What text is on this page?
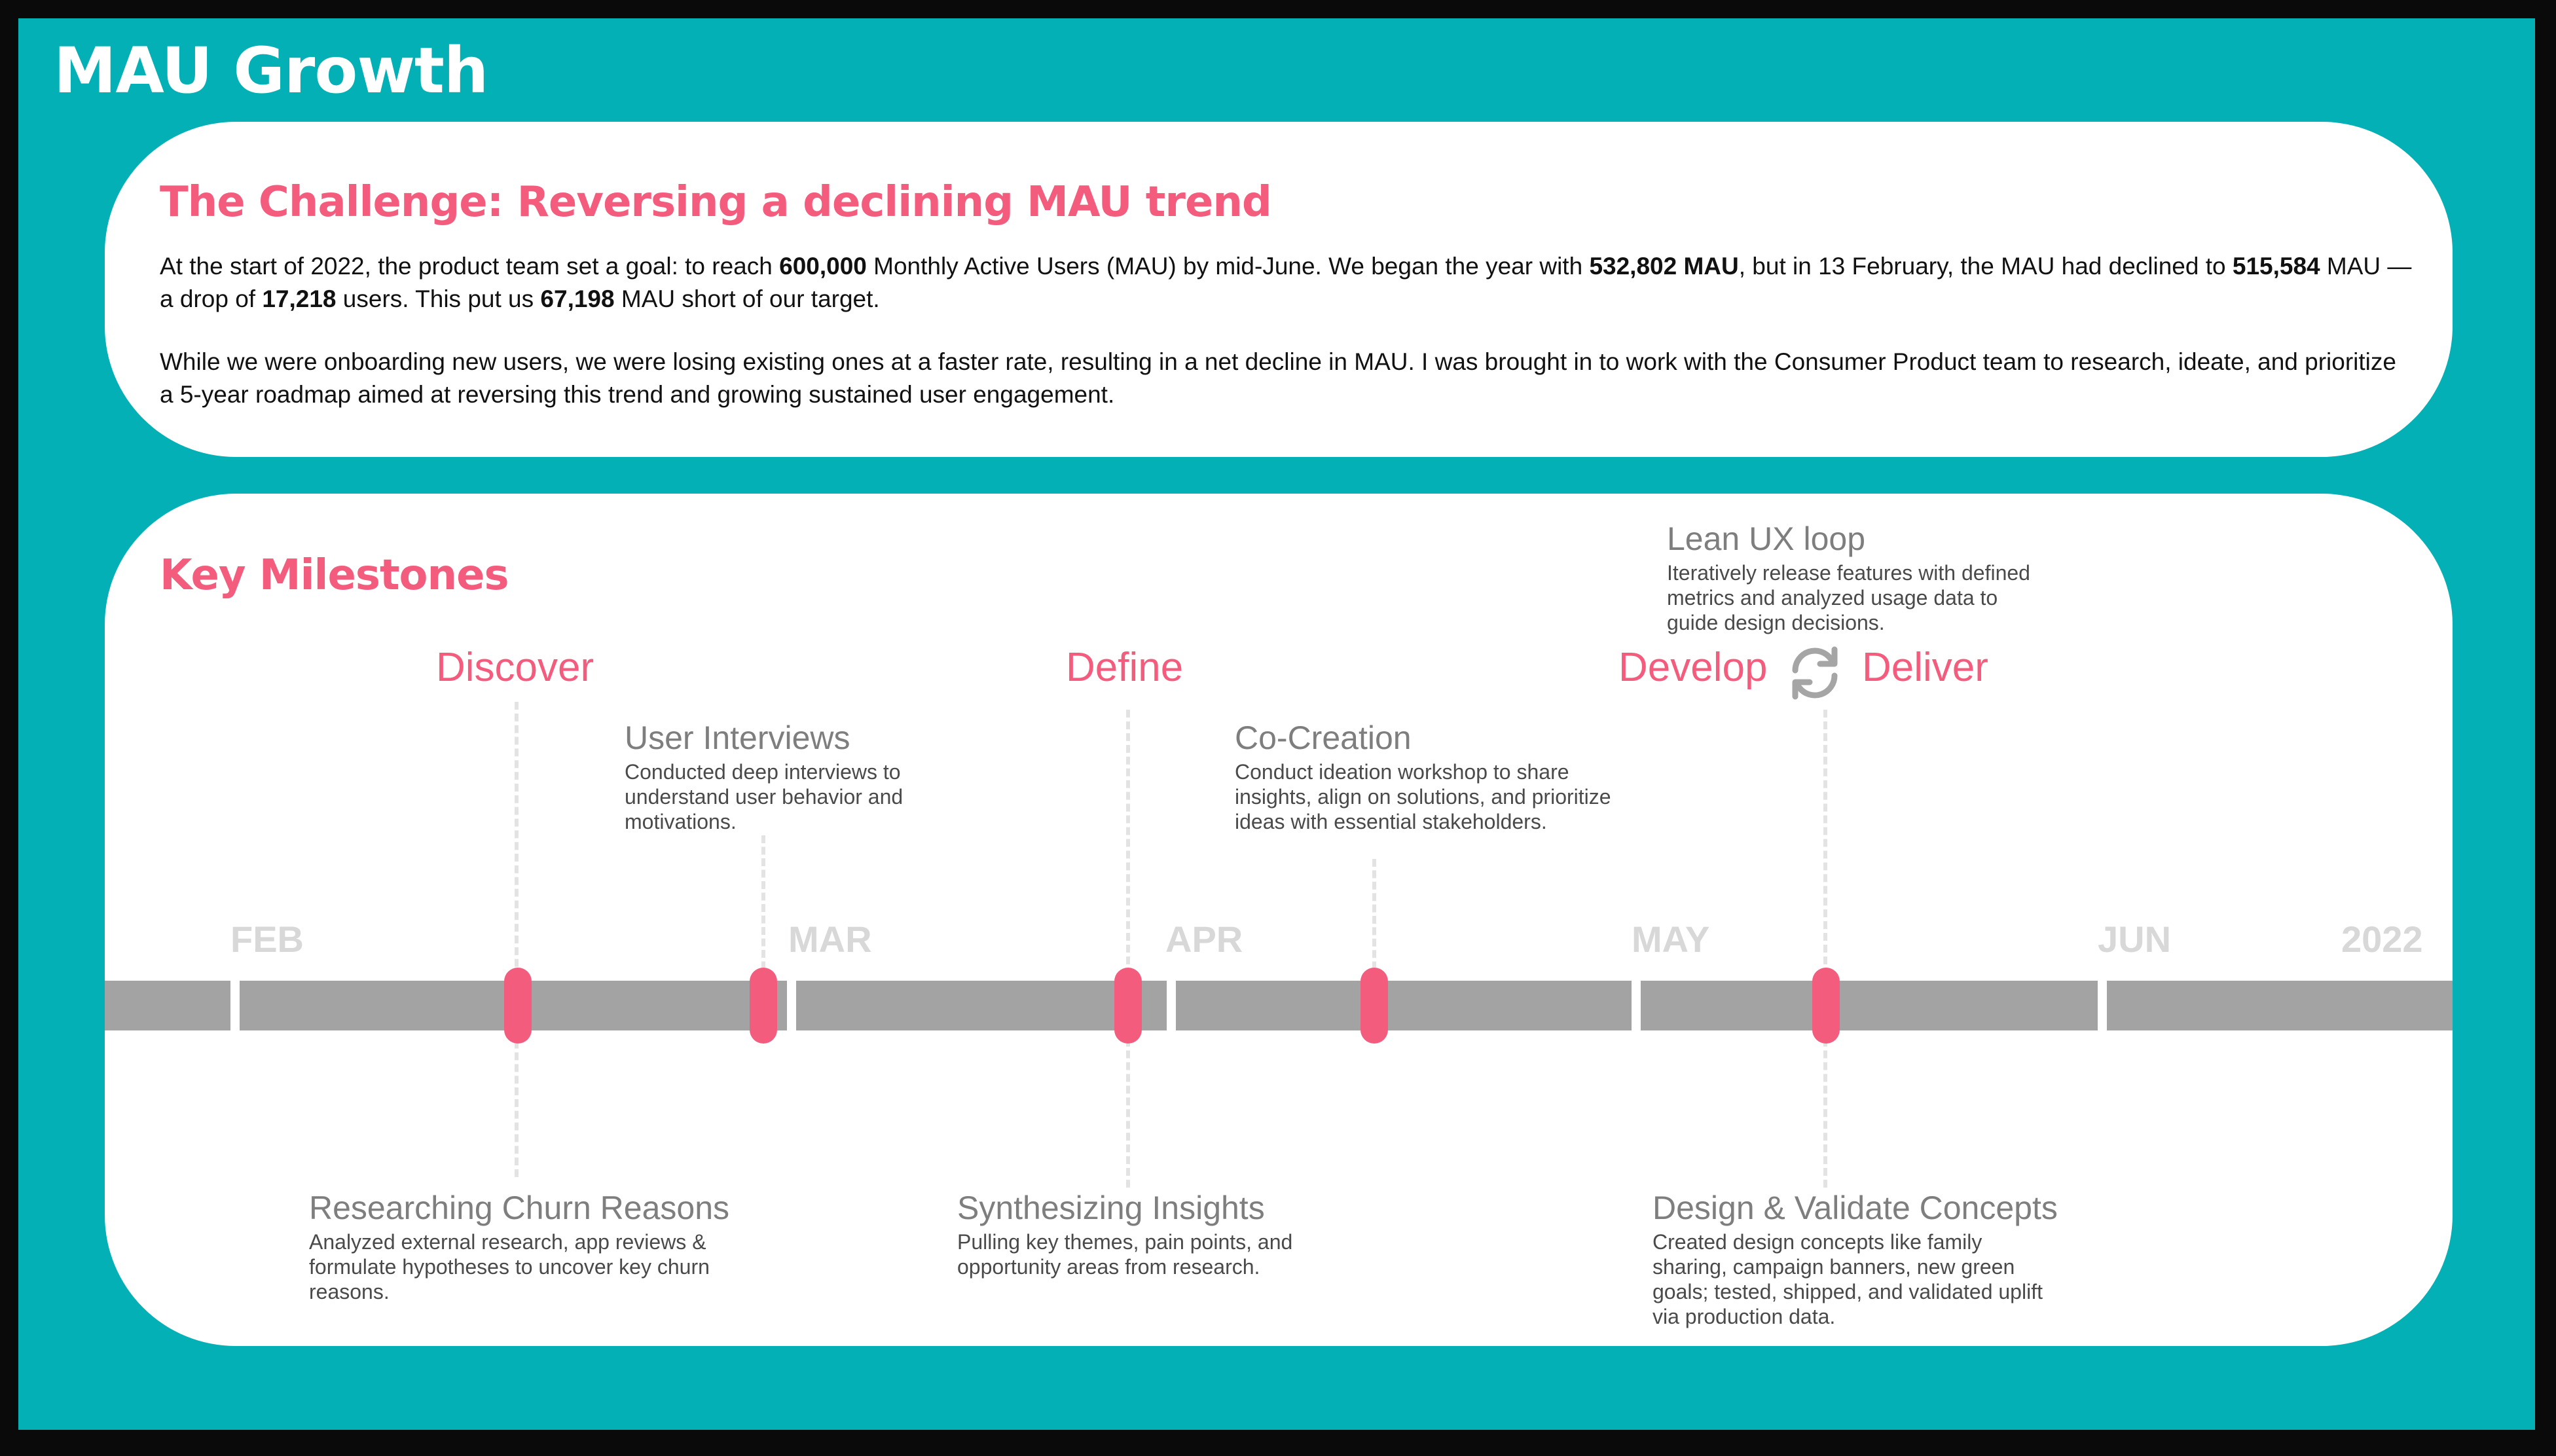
MAU Growth
The Challenge: Reversing a declining MAU trend
At the start of 2022, the product team set a goal: to reach 600,000 Monthly Active Users (MAU) by mid-June. We began the year with 532,802 MAU, but in 13 February, the MAU had declined to 515,584 MAU — a drop of 17,218 users. This put us 67,198 MAU short of our target.
While we were onboarding new users, we were losing existing ones at a faster rate, resulting in a net decline in MAU. I was brought in to work with the Consumer Product team to research, ideate, and prioritize a 5-year roadmap aimed at reversing this trend and growing sustained user engagement.
Key Milestones
FEB	MAR	APR	MAY	JUN	2022
Discover	Define	Develop Deliver
Researching Churn Reasons
Analyzed external research, app reviews & formulate hypotheses to uncover key churn reasons.
User Interviews
Conducted deep interviews to understand user behavior and motivations.
Synthesizing Insights
Pulling key themes, pain points, and opportunity areas from research.
Co-Creation
Conduct ideation workshop to share insights, align on solutions, and prioritize ideas with essential stakeholders.
Design & Validate Concepts
Created design concepts like family sharing, campaign banners, new green goals; tested, shipped, and validated uplift via production data.
Lean UX loop
Iteratively release features with defined metrics and analyzed usage data to guide design decisions.
